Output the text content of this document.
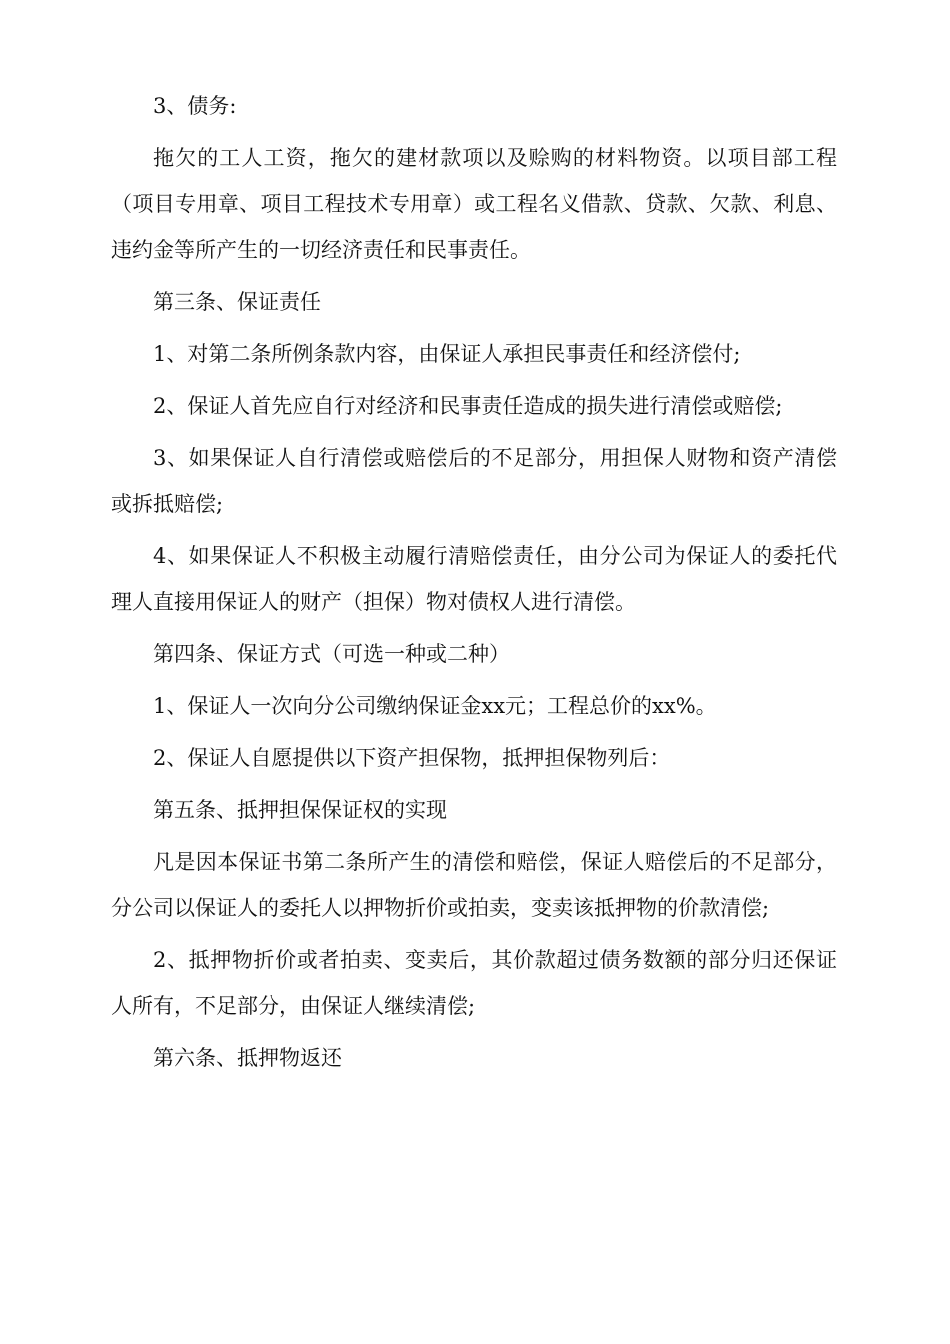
3、债务:

拖欠的工人工资，拖欠的建材款项以及赊购的材料物资。以项目部工程（项目专用章、项目工程技术专用章）或工程名义借款、贷款、欠款、利息、违约金等所产生的一切经济责任和民事责任。

第三条、保证责任

1、对第二条所例条款内容，由保证人承担民事责任和经济偿付;

2、保证人首先应自行对经济和民事责任造成的损失进行清偿或赔偿;

3、如果保证人自行清偿或赔偿后的不足部分，用担保人财物和资产清偿或拆抵赔偿;

4、如果保证人不积极主动履行清赔偿责任，由分公司为保证人的委托代理人直接用保证人的财产（担保）物对债权人进行清偿。

第四条、保证方式（可选一种或二种）

1、保证人一次向分公司缴纳保证金xx元；工程总价的xx%。

2、保证人自愿提供以下资产担保物，抵押担保物列后：

第五条、抵押担保保证权的实现

凡是因本保证书第二条所产生的清偿和赔偿，保证人赔偿后的不足部分，分公司以保证人的委托人以押物折价或拍卖，变卖该抵押物的价款清偿;

2、抵押物折价或者拍卖、变卖后，其价款超过债务数额的部分归还保证人所有，不足部分，由保证人继续清偿;

第六条、抵押物返还
